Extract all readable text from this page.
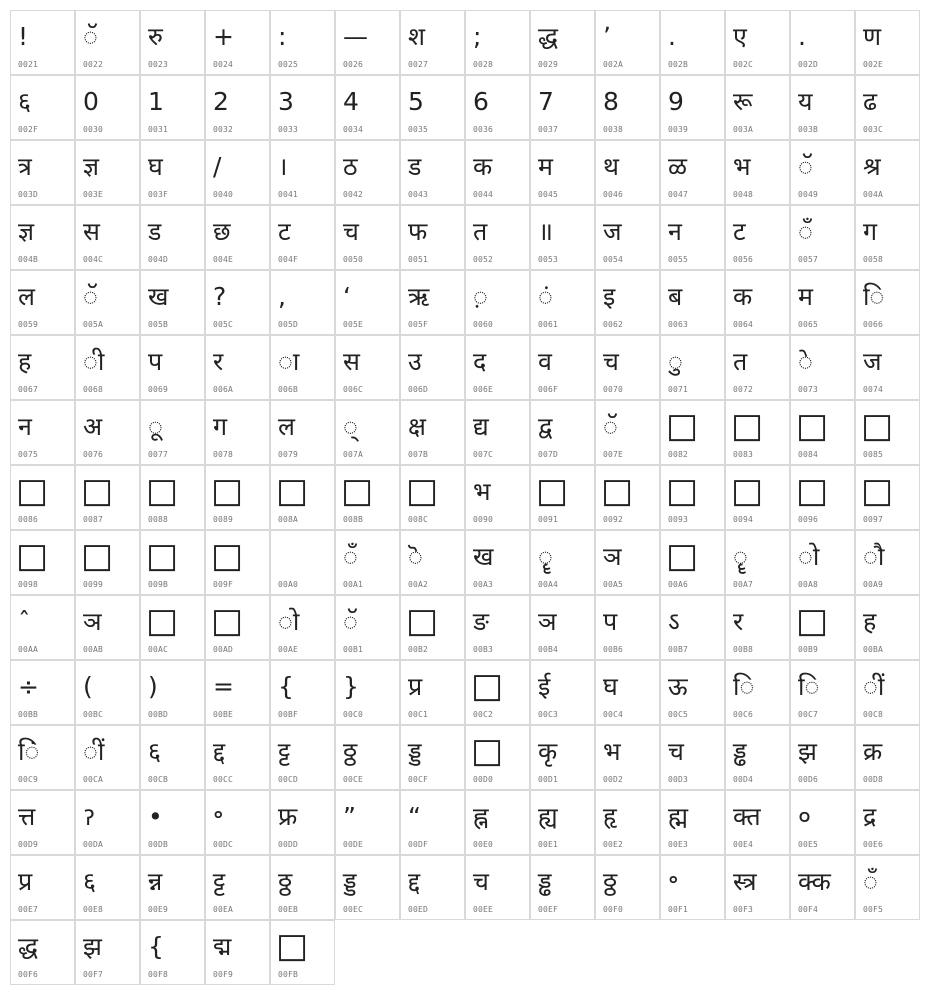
!
0021
ॅ
0022
रु
0023
+
0024
:
0025
—
0026
श
0027
;
0028
द्ध
0029
ʼ
002A
.
002B
ए
002C
.
002D
ण
002E
६
002F
0
0030
1
0031
2
0032
3
0033
4
0034
5
0035
6
0036
7
0037
8
0038
9
0039
रू
003A
य
003B
ढ
003C
त्र
003D
ज्ञ
003E
घ
003F
/
0040
।
0041
ठ
0042
ड
0043
क
0044
म
0045
थ
0046
ळ
0047
भ
0048
ॅ
0049
श्र
004A
ज्ञ
004B
स
004C
ड
004D
छ
004E
ट
004F
च
0050
फ
0051
त
0052
॥
0053
ज
0054
न
0055
ट
0056
ँ
0057
ग
0058
ल
0059
ॅ
005A
ख
005B
?
005C
,
005D
ʻ
005E
ऋ
005F
़
0060
ं
0061
इ
0062
ब
0063
क
0064
म
0065
ि
0066
ह
0067
ी
0068
प
0069
र
006A
ा
006B
स
006C
उ
006D
द
006E
व
006F
च
0070
ु
0071
त
0072
े
0073
ज
0074
न
0075
अ
0076
ू
0077
ग
0078
ल
0079
्
007A
क्ष
007B
द्य
007C
द्व
007D
ॅ
007E
□
0082
□
0083
□
0084
□
0085
□
0086
□
0087
□
0088
□
0089
□
008A
□
008B
□
008C
भ
0090
□
0091
□
0092
□
0093
□
0094
□
0096
□
0097
□
0098
□
0099
□
009B
□
009F	00A0
ँ
00A1
ॆ
00A2
ख
00A3
ॄ
00A4
ञ
00A5
□
00A6
ॄ
00A7
ो
00A8
ौ
00A9
ˆ
00AA
ञ
00AB
□
00AC
□
00AD
ो
00AE
ॅ
00B1
□
00B2
ङ
00B3
ञ
00B4
प
00B6
ऽ
00B7
र
00B8
□
00B9
ह
00BA
÷
00BB
(
00BC
)
00BD
=
00BE
{
00BF
}
00C0
प्र
00C1
□
00C2
ई
00C3
घ
00C4
ऊ
00C5
ि
00C6
ि
00C7
ीं
00C8
िं
00C9
ीं
00CA
६
00CB
द्द
00CC
ट्ट
00CD
ठ्ठ
00CE
ड्ड
00CF
□
00D0
कृ
00D1
भ
00D2
च
00D3
ड्ढ
00D4
झ
00D6
क्र
00D8
त्त
00D9
ॽ
00DA
•
00DB
॰
00DC
फ्र
00DD
”
00DE
“
00DF
ह्न
00E0
ह्य
00E1
हृ
00E2
ह्म
00E3
क्त
00E4
०
00E5
द्र
00E6
प्र
00E7
६
00E8
न्न
00E9
ट्ट
00EA
ठ्ठ
00EB
ड्ड
00EC
द्द
00ED
च
00EE
ड्ढ
00EF
ठ्ठ
00F0
॰
00F1
स्त्र
00F3
क्क
00F4
ँ
00F5
द्ध
00F6
झ
00F7
{
00F8
द्म
00F9
□
00FB
